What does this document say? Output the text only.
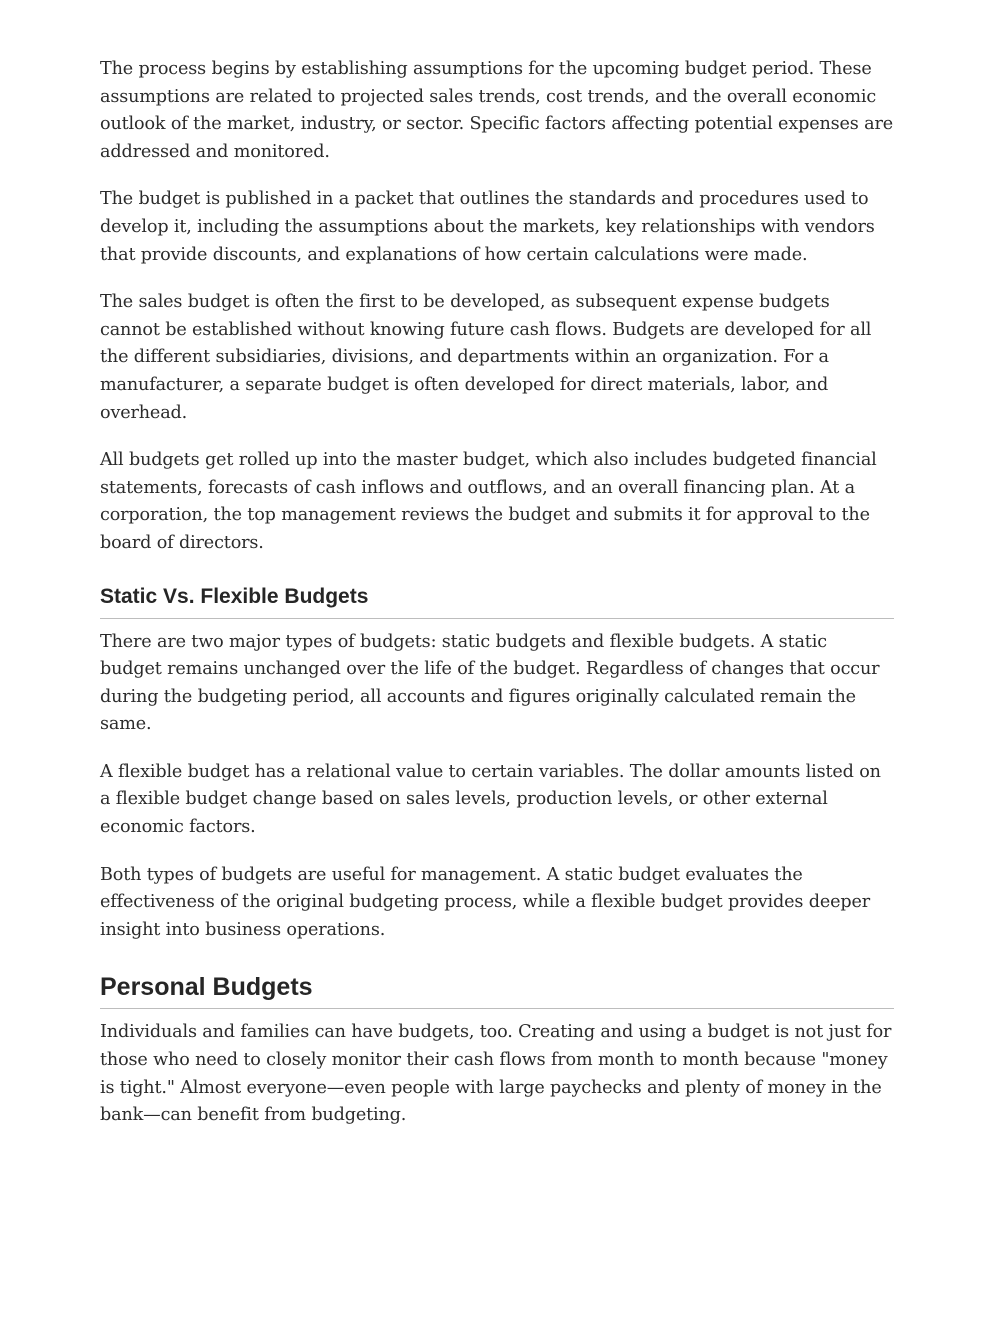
The process begins by establishing assumptions for the upcoming budget period. These assumptions are related to projected sales trends, cost trends, and the overall economic outlook of the market, industry, or sector. Specific factors affecting potential expenses are addressed and monitored.

The budget is published in a packet that outlines the standards and procedures used to develop it, including the assumptions about the markets, key relationships with vendors that provide discounts, and explanations of how certain calculations were made.

The sales budget is often the first to be developed, as subsequent expense budgets cannot be established without knowing future cash flows. Budgets are developed for all the different subsidiaries, divisions, and departments within an organization. For a manufacturer, a separate budget is often developed for direct materials, labor, and overhead.

All budgets get rolled up into the master budget, which also includes budgeted financial statements, forecasts of cash inflows and outflows, and an overall financing plan. At a corporation, the top management reviews the budget and submits it for approval to the board of directors.

Static Vs. Flexible Budgets

There are two major types of budgets: static budgets and flexible budgets. A static budget remains unchanged over the life of the budget. Regardless of changes that occur during the budgeting period, all accounts and figures originally calculated remain the same.

A flexible budget has a relational value to certain variables. The dollar amounts listed on a flexible budget change based on sales levels, production levels, or other external economic factors.

Both types of budgets are useful for management. A static budget evaluates the effectiveness of the original budgeting process, while a flexible budget provides deeper insight into business operations.

Personal Budgets

Individuals and families can have budgets, too. Creating and using a budget is not just for those who need to closely monitor their cash flows from month to month because "money is tight." Almost everyone—even people with large paychecks and plenty of money in the bank—can benefit from budgeting.
